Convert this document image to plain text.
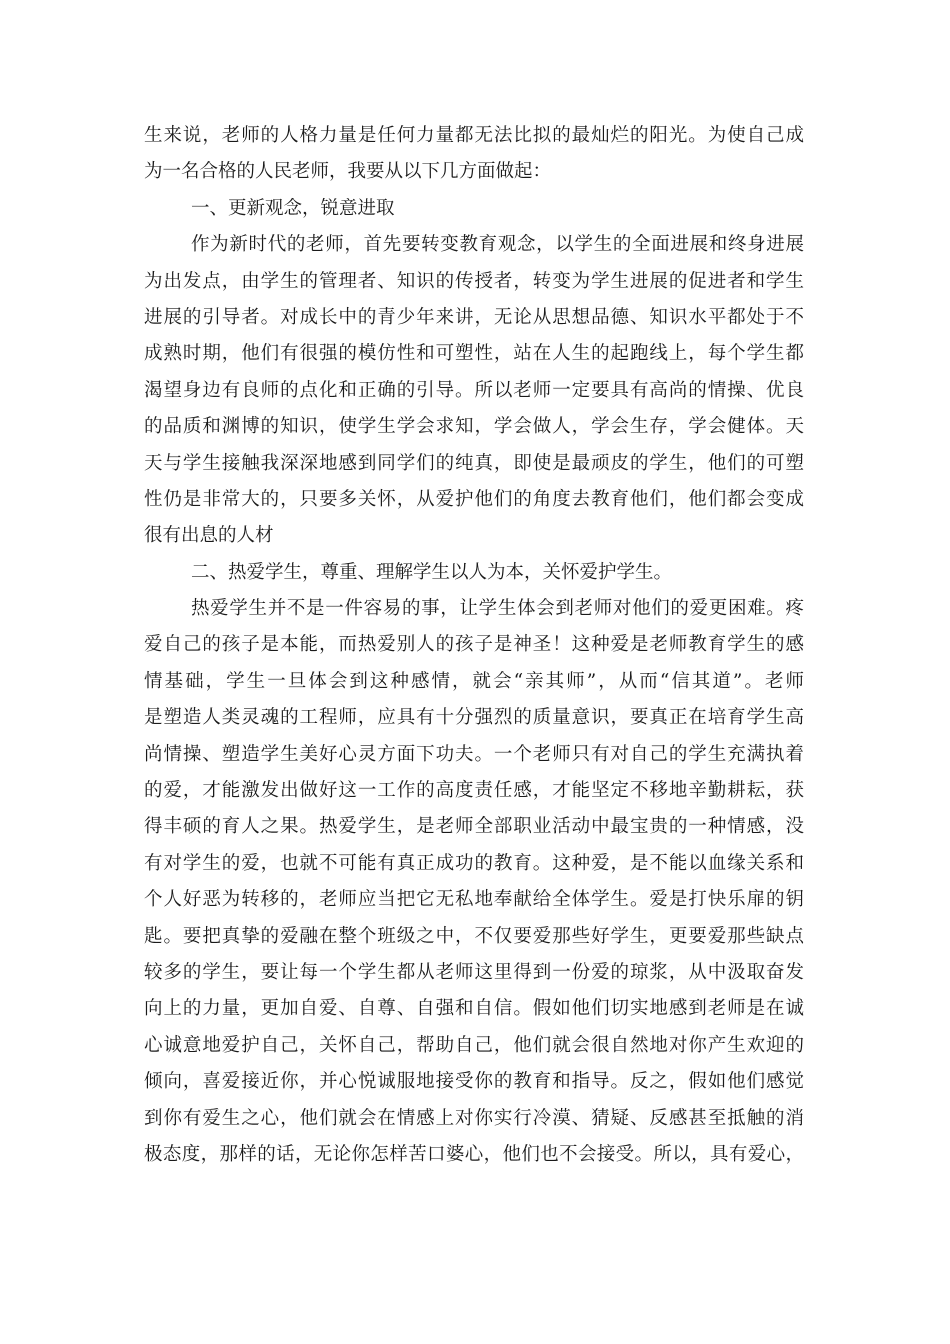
生来说，老师的人格力量是任何力量都无法比拟的最灿烂的阳光。为使自己成
为一名合格的人民老师，我要从以下几方面做起：
一、更新观念，锐意进取
作为新时代的老师，首先要转变教育观念，以学生的全面进展和终身进展
为出发点，由学生的管理者、知识的传授者，转变为学生进展的促进者和学生
进展的引导者。对成长中的青少年来讲，无论从思想品德、知识水平都处于不
成熟时期，他们有很强的模仿性和可塑性，站在人生的起跑线上，每个学生都
渴望身边有良师的点化和正确的引导。所以老师一定要具有高尚的情操、优良
的品质和渊博的知识，使学生学会求知，学会做人，学会生存，学会健体。天
天与学生接触我深深地感到同学们的纯真，即使是最顽皮的学生，他们的可塑
性仍是非常大的，只要多关怀，从爱护他们的角度去教育他们，他们都会变成
很有出息的人材
二、热爱学生，尊重、理解学生以人为本，关怀爱护学生。
热爱学生并不是一件容易的事，让学生体会到老师对他们的爱更困难。疼
爱自己的孩子是本能，而热爱别人的孩子是神圣！这种爱是老师教育学生的感
情基础，学生一旦体会到这种感情，就会“亲其师”，从而“信其道”。老师
是塑造人类灵魂的工程师，应具有十分强烈的质量意识，要真正在培育学生高
尚情操、塑造学生美好心灵方面下功夫。一个老师只有对自己的学生充满执着
的爱，才能激发出做好这一工作的高度责任感，才能坚定不移地辛勤耕耘，获
得丰硕的育人之果。热爱学生，是老师全部职业活动中最宝贵的一种情感，没
有对学生的爱，也就不可能有真正成功的教育。这种爱，是不能以血缘关系和
个人好恶为转移的，老师应当把它无私地奉献给全体学生。爱是打快乐扉的钥
匙。要把真挚的爱融在整个班级之中，不仅要爱那些好学生，更要爱那些缺点
较多的学生，要让每一个学生都从老师这里得到一份爱的琼浆，从中汲取奋发
向上的力量，更加自爱、自尊、自强和自信。假如他们切实地感到老师是在诚
心诚意地爱护自己，关怀自己，帮助自己，他们就会很自然地对你产生欢迎的
倾向，喜爱接近你，并心悦诚服地接受你的教育和指导。反之，假如他们感觉
到你有爱生之心，他们就会在情感上对你实行冷漠、猜疑、反感甚至抵触的消
极态度，那样的话，无论你怎样苦口婆心，他们也不会接受。所以，具有爱心，
